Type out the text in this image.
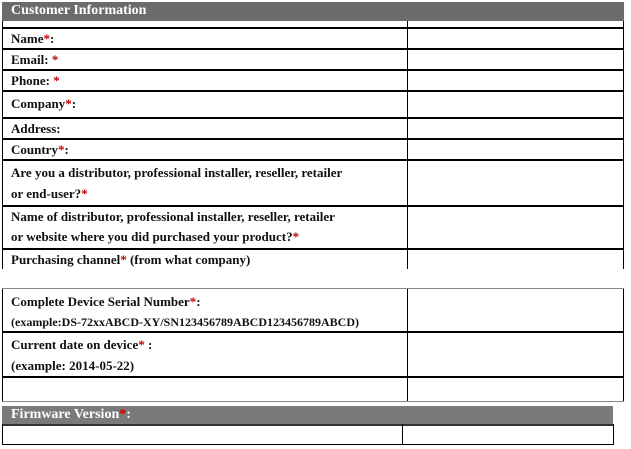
Customer Information
Name*:
Email: *
Phone: *
Company*:
Address:
Country*:
Are you a distributor, professional installer, reseller, retailer
or end-user?*
Name of distributor, professional installer, reseller, retailer
or website where you did purchased your product?*
Purchasing channel* (from what company)
Complete Device Serial Number*:
(example:DS-72xxABCD-XY/SN123456789ABCD123456789ABCD)
Current date on device* :
(example: 2014-05-22)
Firmware Version*:
